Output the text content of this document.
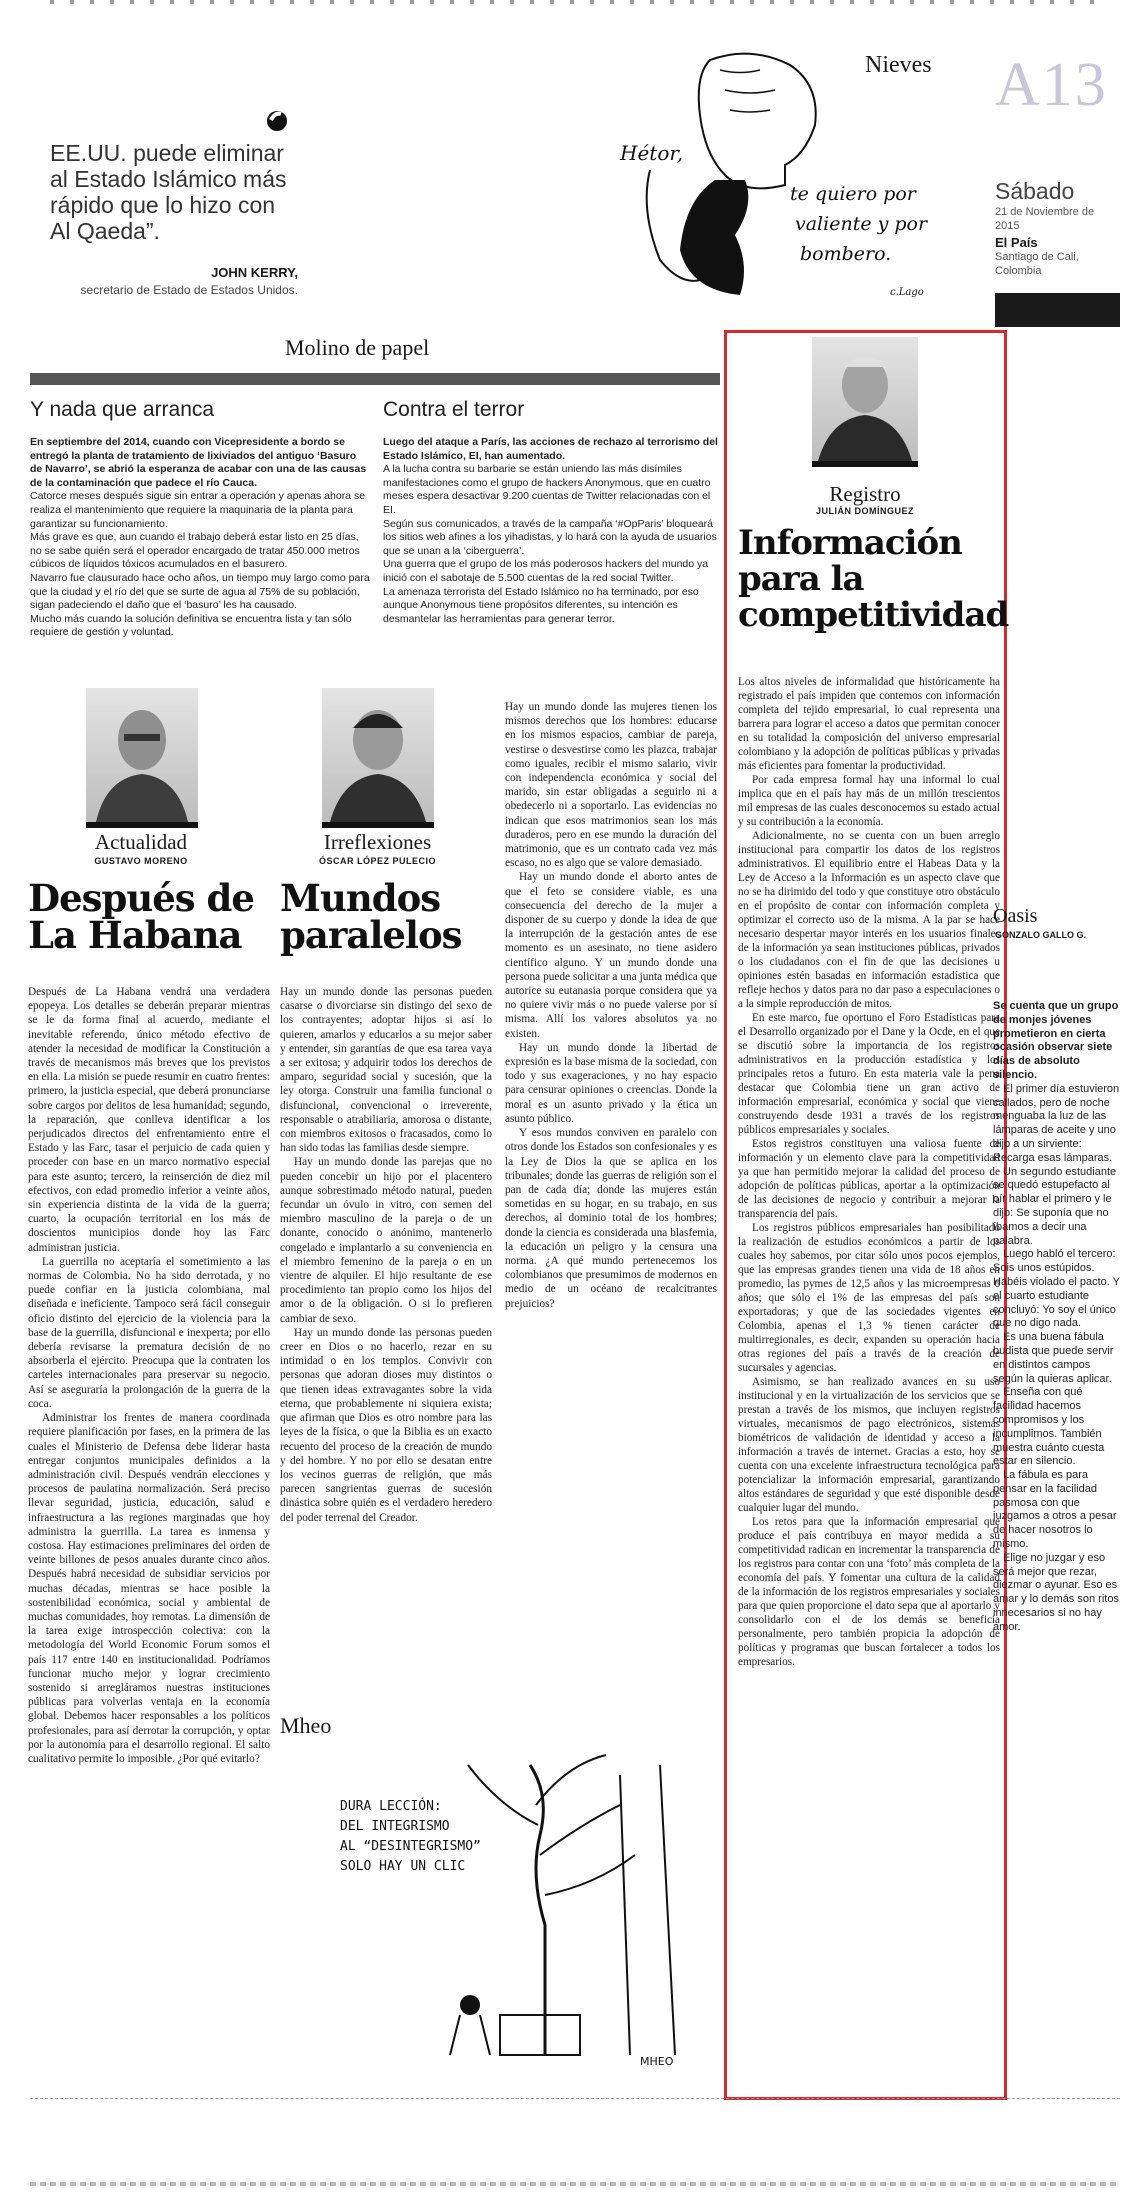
Nieves A13
EE.UU. puede eliminar al Estado Islámico más rápido que lo hizo con Al Qaeda”.
JOHN KERRY,
secretario de Estado de Estados Unidos.
Hétor,
te quiero por
valiente y por
bombero.
c.Lago
Sábado
21 de Noviembre de 2015
El País
Santiago de Cali, Colombia
Molino de papel
Y nada que arranca
En septiembre del 2014, cuando con Vicepresidente a bordo se entregó la planta de tratamiento de lixiviados del antiguo ‘Basuro de Navarro’, se abrió la esperanza de acabar con una de las causas de la contaminación que padece el río Cauca.
Catorce meses después sigue sin entrar a operación y apenas ahora se realiza el mantenimiento que requiere la maquinaria de la planta para garantizar su funcionamiento.
Más grave es que, aun cuando el trabajo deberá estar listo en 25 días, no se sabe quién será el operador encargado de tratar 450.000 metros cúbicos de líquidos tóxicos acumulados en el basurero.
Navarro fue clausurado hace ocho años, un tiempo muy largo como para que la ciudad y el río del que se surte de agua al 75% de su población, sigan padeciendo el daño que el ‘basuro’ les ha causado.
Mucho más cuando la solución definitiva se encuentra lista y tan sólo requiere de gestión y voluntad.
Contra el terror
Luego del ataque a París, las acciones de rechazo al terrorismo del Estado Islámico, EI, han aumentado.
A la lucha contra su barbarie se están uniendo las más disímiles manifestaciones como el grupo de hackers Anonymous, que en cuatro meses espera desactivar 9.200 cuentas de Twitter relacionadas con el EI.
Según sus comunicados, a través de la campaña ‘#OpParis’ bloqueará los sitios web afines a los yihadistas, y lo hará con la ayuda de usuarios que se unan a la ‘ciberguerra’.
Una guerra que el grupo de los más poderosos hackers del mundo ya inició con el sabotaje de 5.500 cuentas de la red social Twitter.
La amenaza terrorista del Estado Islámico no ha terminado, por eso aunque Anonymous tiene propósitos diferentes, su intención es desmantelar las herramientas para generar terror.
Actualidad
GUSTAVO MORENO
Después de
La Habana

Después de La Habana vendrá una verdadera epopeya. Los detalles se deberán preparar mientras se le da forma final al acuerdo, mediante el inevitable referendo, único método efectivo de atender la necesidad de modificar la Constitución a través de mecanismos más breves que los previstos en ella. La misión se puede resumir en cuatro frentes: primero, la justicia especial, que deberá pronunciarse sobre cargos por delitos de lesa humanidad; segundo, la reparación, que conlleva identificar a los perjudicados directos del enfrentamiento entre el Estado y las Farc, tasar el perjuicio de cada quien y proceder con base en un marco normativo especial para este asunto; tercero, la reinserción de diez mil efectivos, con edad promedio inferior a veinte años, sin experiencia distinta de la vida de la guerra; cuarto, la ocupación territorial en los más de doscientos municipios donde hoy las Farc administran justicia.

La guerrilla no aceptaría el sometimiento a las normas de Colombia. No ha sido derrotada, y no puede confiar en la justicia colombiana, mal diseñada e ineficiente. Tampoco será fácil conseguir oficio distinto del ejercicio de la violencia para la base de la guerrilla, disfuncional e inexperta; por ello debería revisarse la prematura decisión de no absorberla el ejército. Preocupa que la contraten los carteles internacionales para preservar su negocio. Así se aseguraría la prolongación de la guerra de la coca.

Administrar los frentes de manera coordinada requiere planificación por fases, en la primera de las cuales el Ministerio de Defensa debe liderar hasta entregar conjuntos municipales definidos a la administración civil. Después vendrán elecciones y procesos de paulatina normalización. Será preciso llevar seguridad, justicia, educación, salud e infraestructura a las regiones marginadas que hoy administra la guerrilla. La tarea es inmensa y costosa. Hay estimaciones preliminares del orden de veinte billones de pesos anuales durante cinco años. Después habrá necesidad de subsidiar servicios por muchas décadas, mientras se hace posible la sostenibilidad económica, social y ambiental de muchas comunidades, hoy remotas. La dimensión de la tarea exige introspección colectiva: con la metodología del World Economic Forum somos el país 117 entre 140 en institucionalidad. Podríamos funcionar mucho mejor y lograr crecimiento sostenido si arregláramos nuestras instituciones públicas para volverlas ventaja en la economía global. Debemos hacer responsables a los políticos profesionales, para así derrotar la corrupción, y optar por la autonomía para el desarrollo regional. El salto cualitativo permite lo imposible. ¿Por qué evitarlo?

Irreflexiones
ÓSCAR LÓPEZ PULECIO
Mundos
paralelos

Hay un mundo donde las personas pueden casarse o divorciarse sin distingo del sexo de los contrayentes; adoptar hijos si así lo quieren, amarlos y educarlos a su mejor saber y entender, sin garantías de que esa tarea vaya a ser exitosa; y adquirir todos los derechos de amparo, seguridad social y sucesión, que la ley otorga. Construir una familia funcional o disfuncional, convencional o irreverente, responsable o atrabiliaria, amorosa o distante, con miembros exitosos o fracasados, como lo han sido todas las familias desde siempre.

Hay un mundo donde las parejas que no pueden concebir un hijo por el placentero aunque sobrestimado método natural, pueden fecundar un óvulo in vitro, con semen del miembro masculino de la pareja o de un donante, conocido o anónimo, mantenerlo congelado e implantarlo a su conveniencia en el miembro femenino de la pareja o en un vientre de alquiler. El hijo resultante de ese procedimiento tan propio como los hijos del amor o de la obligación. O si lo prefieren cambiar de sexo.

Hay un mundo donde las personas pueden creer en Dios o no hacerlo, rezar en su intimidad o en los templos. Convivir con personas que adoran dioses muy distintos o que tienen ideas extravagantes sobre la vida eterna, que probablemente ni siquiera exista; que afirman que Dios es otro nombre para las leyes de la física, o que la Biblia es un exacto recuento del proceso de la creación de mundo y del hombre. Y no por ello se desatan entre los vecinos guerras de religión, que más parecen sangrientas guerras de sucesión dinástica sobre quién es el verdadero heredero del poder terrenal del Creador.

Hay un mundo donde las mujeres tienen los mismos derechos que los hombres: educarse en los mismos espacios, cambiar de pareja, vestirse o desvestirse como les plazca, trabajar como iguales, recibir el mismo salario, vivir con independencia económica y social del marido, sin estar obligadas a seguirlo ni a obedecerlo ni a soportarlo. Las evidencias no indican que esos matrimonios sean los más duraderos, pero en ese mundo la duración del matrimonio, que es un contrato cada vez más escaso, no es algo que se valore demasiado.

Hay un mundo donde el aborto antes de que el feto se considere viable, es una consecuencia del derecho de la mujer a disponer de su cuerpo y donde la idea de que la interrupción de la gestación antes de ese momento es un asesinato, no tiene asidero científico alguno. Y un mundo donde una persona puede solicitar a una junta médica que autorice su eutanasia porque considera que ya no quiere vivir más o no puede valerse por sí misma. Allí los valores absolutos ya no existen.

Hay un mundo donde la libertad de expresión es la base misma de la sociedad, con todo y sus exageraciones, y no hay espacio para censurar opiniones o creencias. Donde la moral es un asunto privado y la ética un asunto público.

Y esos mundos conviven en paralelo con otros donde los Estados son confesionales y es la Ley de Dios la que se aplica en los tribunales; donde las guerras de religión son el pan de cada día; donde las mujeres están sometidas en su hogar, en su trabajo, en sus derechos, al dominio total de los hombres; donde la ciencia es considerada una blasfemia, la educación un peligro y la censura una norma. ¿A qué mundo pertenecemos los colombianos que presumimos de modernos en medio de un océano de recalcitrantes prejuicios?

Mheo
DURA LECCIÓN:
DEL INTEGRISMO
AL “DESINTEGRISMO”
SOLO HAY UN CLIC
MHEO
Registro
JULIÁN DOMÍNGUEZ
Información
para la
competitividad

Los altos niveles de informalidad que históricamente ha registrado el país impiden que contemos con información completa del tejido empresarial, lo cual representa una barrera para lograr el acceso a datos que permitan conocer en su totalidad la composición del universo empresarial colombiano y la adopción de políticas públicas y privadas más eficientes para fomentar la productividad.

Por cada empresa formal hay una informal lo cual implica que en el país hay más de un millón trescientos mil empresas de las cuales desconocemos su estado actual y su contribución a la economía.

Adicionalmente, no se cuenta con un buen arreglo institucional para compartir los datos de los registros administrativos. El equilibrio entre el Habeas Data y la Ley de Acceso a la Información es un aspecto clave que no se ha dirimido del todo y que constituye otro obstáculo en el propósito de contar con información completa y optimizar el correcto uso de la misma. A la par se hace necesario despertar mayor interés en los usuarios finales de la información ya sean instituciones públicas, privados o los ciudadanos con el fin de que las decisiones u opiniones estén basadas en información estadística que refleje hechos y datos para no dar paso a especulaciones o a la simple reproducción de mitos.

En este marco, fue oportuno el Foro Estadísticas para el Desarrollo organizado por el Dane y la Ocde, en el que se discutió sobre la importancia de los registros administrativos en la producción estadística y los principales retos a futuro. En esta materia vale la pena destacar que Colombia tiene un gran activo de información empresarial, económica y social que viene construyendo desde 1931 a través de los registros públicos empresariales y sociales.

Estos registros constituyen una valiosa fuente de información y un elemento clave para la competitividad ya que han permitido mejorar la calidad del proceso de adopción de políticas públicas, aportar a la optimización de las decisiones de negocio y contribuir a mejorar la transparencia del país.

Los registros públicos empresariales han posibilitado la realización de estudios económicos a partir de los cuales hoy sabemos, por citar sólo unos pocos ejemplos, que las empresas grandes tienen una vida de 18 años en promedio, las pymes de 12,5 años y las microempresas 6 años; que sólo el 1% de las empresas del país son exportadoras; y que de las sociedades vigentes en Colombia, apenas el 1,3 % tienen carácter de multirregionales, es decir, expanden su operación hacia otras regiones del país a través de la creación de sucursales y agencias.

Asimismo, se han realizado avances en su uso institucional y en la virtualización de los servicios que se prestan a través de los mismos, que incluyen registros virtuales, mecanismos de pago electrónicos, sistemas biométricos de validación de identidad y acceso a la información a través de internet. Gracias a esto, hoy se cuenta con una excelente infraestructura tecnológica para potencializar la información empresarial, garantizando altos estándares de seguridad y que esté disponible desde cualquier lugar del mundo.

Los retos para que la información empresarial que produce el país contribuya en mayor medida a su competitividad radican en incrementar la transparencia de los registros para contar con una ‘foto’ más completa de la economía del país. Y fomentar una cultura de la calidad de la información de los registros empresariales y sociales para que quien proporcione el dato sepa que al aportarlo y consolidarlo con el de los demás se beneficia personalmente, pero también propicia la adopción de políticas y programas que buscan fortalecer a todos los empresarios.

Oasis
GONZALO GALLO G.

Se cuenta que un grupo de monjes jóvenes prometieron en cierta ocasión observar siete días de absoluto silencio.

El primer día estuvieron callados, pero de noche menguaba la luz de las lámparas de aceite y uno dijo a un sirviente: Recarga esas lámparas.

Un segundo estudiante se quedó estupefacto al oír hablar el primero y le dijo: Se suponía que no íbamos a decir una palabra.

Luego habló el tercero: Sois unos estúpidos. Habéis violado el pacto. Y el cuarto estudiante concluyó: Yo soy el único que no digo nada.

Es una buena fábula budista que puede servir en distintos campos según la quieras aplicar.

Enseña con qué facilidad hacemos compromisos y los incumplimos. También muestra cuánto cuesta estar en silencio.

La fábula es para pensar en la facilidad pasmosa con que juzgamos a otros a pesar de hacer nosotros lo mismo.

Elige no juzgar y eso será mejor que rezar, diezmar o ayunar. Eso es amar y lo demás son ritos innecesarios si no hay amor.
